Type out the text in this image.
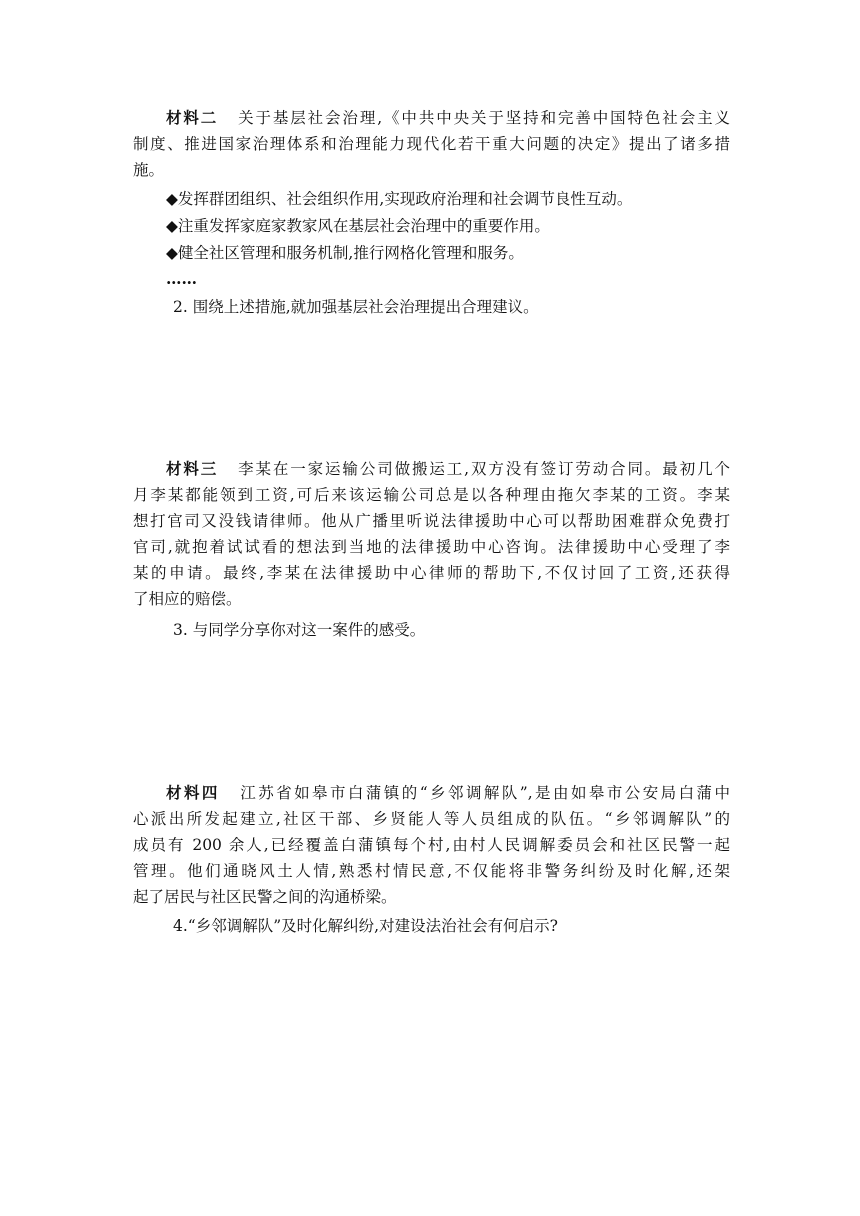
材料二 关于基层社会治理,《中共中央关于坚持和完善中国特色社会主义
制度、推进国家治理体系和治理能力现代化若干重大问题的决定》提出了诸多措
施。
◆发挥群团组织、社会组织作用,实现政府治理和社会调节良性互动。
◆注重发挥家庭家教家风在基层社会治理中的重要作用。
◆健全社区管理和服务机制,推行网格化管理和服务。
……
2. 围绕上述措施,就加强基层社会治理提出合理建议。
材料三 李某在一家运输公司做搬运工,双方没有签订劳动合同。最初几个
月李某都能领到工资,可后来该运输公司总是以各种理由拖欠李某的工资。李某
想打官司又没钱请律师。他从广播里听说法律援助中心可以帮助困难群众免费打
官司,就抱着试试看的想法到当地的法律援助中心咨询。法律援助中心受理了李
某的申请。最终,李某在法律援助中心律师的帮助下,不仅讨回了工资,还获得
了相应的赔偿。
3. 与同学分享你对这一案件的感受。
材料四 江苏省如皋市白蒲镇的“乡邻调解队”,是由如皋市公安局白蒲中
心派出所发起建立,社区干部、乡贤能人等人员组成的队伍。“乡邻调解队”的
成员有 200 余人,已经覆盖白蒲镇每个村,由村人民调解委员会和社区民警一起
管理。他们通晓风土人情,熟悉村情民意,不仅能将非警务纠纷及时化解,还架
起了居民与社区民警之间的沟通桥梁。
4.“乡邻调解队”及时化解纠纷,对建设法治社会有何启示?
